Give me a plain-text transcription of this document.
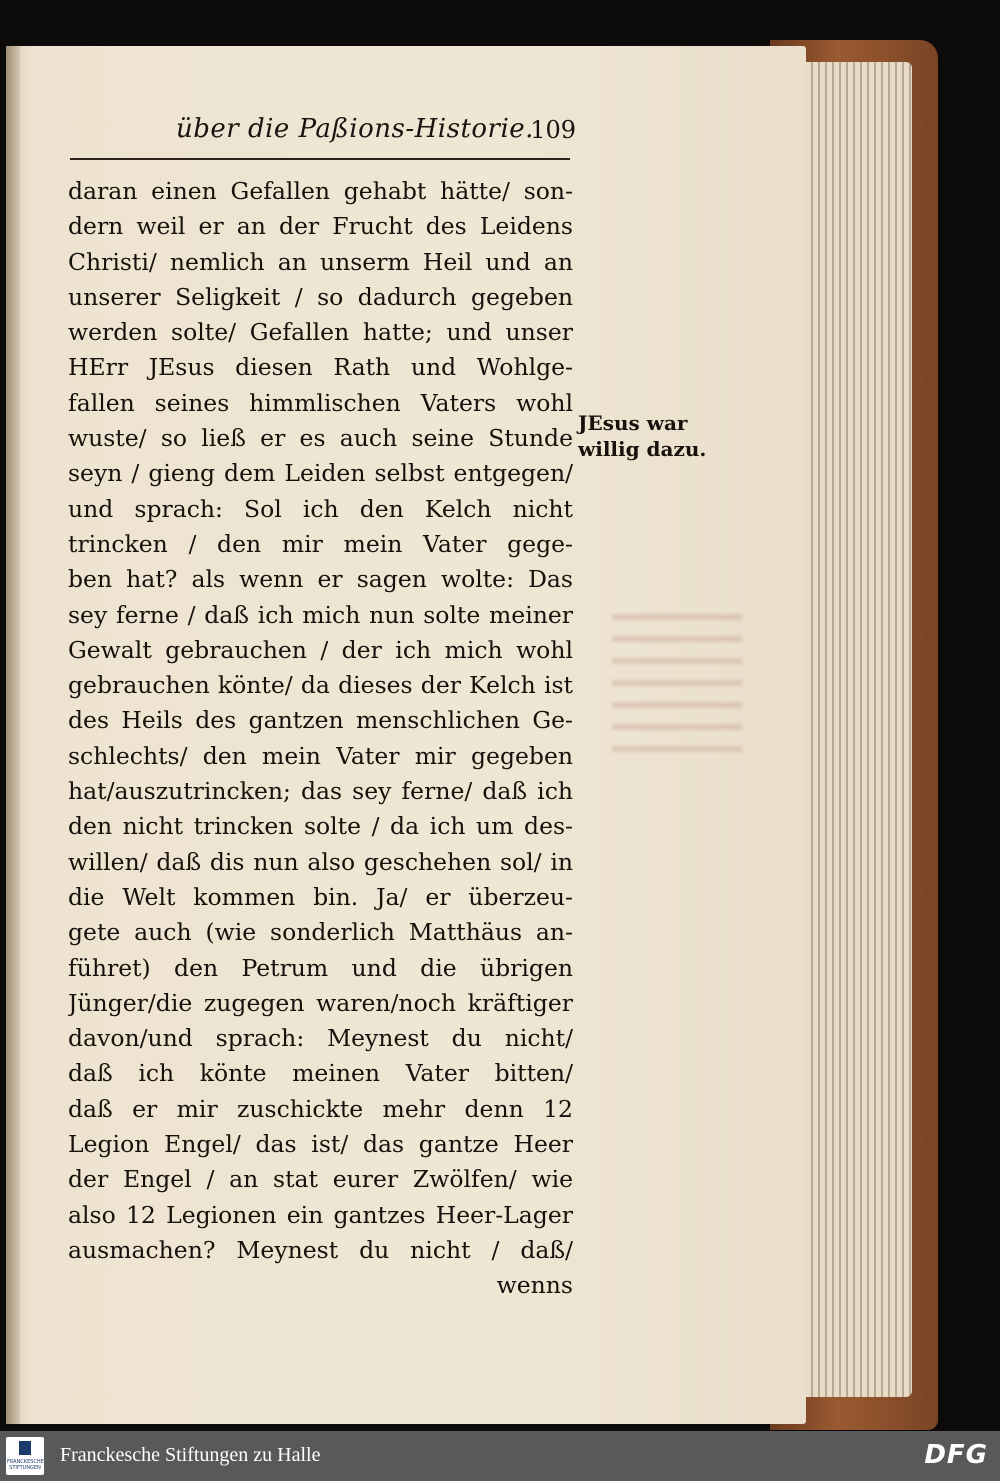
über die Paßions-Historie.
109
daran einen Gefallen gehabt hätte/ son-
dern weil er an der Frucht des Leidens
Christi/ nemlich an unserm Heil und an
unserer Seligkeit / so dadurch gegeben
werden solte/ Gefallen hatte; und unser
HErr JEsus diesen Rath und Wohlge-
fallen seines himmlischen Vaters wohl
wuste/ so ließ er es auch seine Stunde
seyn / gieng dem Leiden selbst entgegen/
und sprach: Sol ich den Kelch nicht
trincken / den mir mein Vater gege-
ben hat? als wenn er sagen wolte: Das
sey ferne / daß ich mich nun solte meiner
Gewalt gebrauchen / der ich mich wohl
gebrauchen könte/ da dieses der Kelch ist
des Heils des gantzen menschlichen Ge-
schlechts/ den mein Vater mir gegeben
hat/auszutrincken; das sey ferne/ daß ich
den nicht trincken solte / da ich um des-
willen/ daß dis nun also geschehen sol/ in
die Welt kommen bin. Ja/ er überzeu-
gete auch (wie sonderlich Matthäus an-
führet) den Petrum und die übrigen
Jünger/die zugegen waren/noch kräftiger
davon/und sprach: Meynest du nicht/
daß ich könte meinen Vater bitten/
daß er mir zuschickte mehr denn 12
Legion Engel/ das ist/ das gantze Heer
der Engel / an stat eurer Zwölfen/ wie
also 12 Legionen ein gantzes Heer-Lager
ausmachen? Meynest du nicht / daß/
wenns
JEsus war
willig dazu.
FRANCKESCHE STIFTUNGEN
Franckesche Stiftungen zu Halle	DFG
